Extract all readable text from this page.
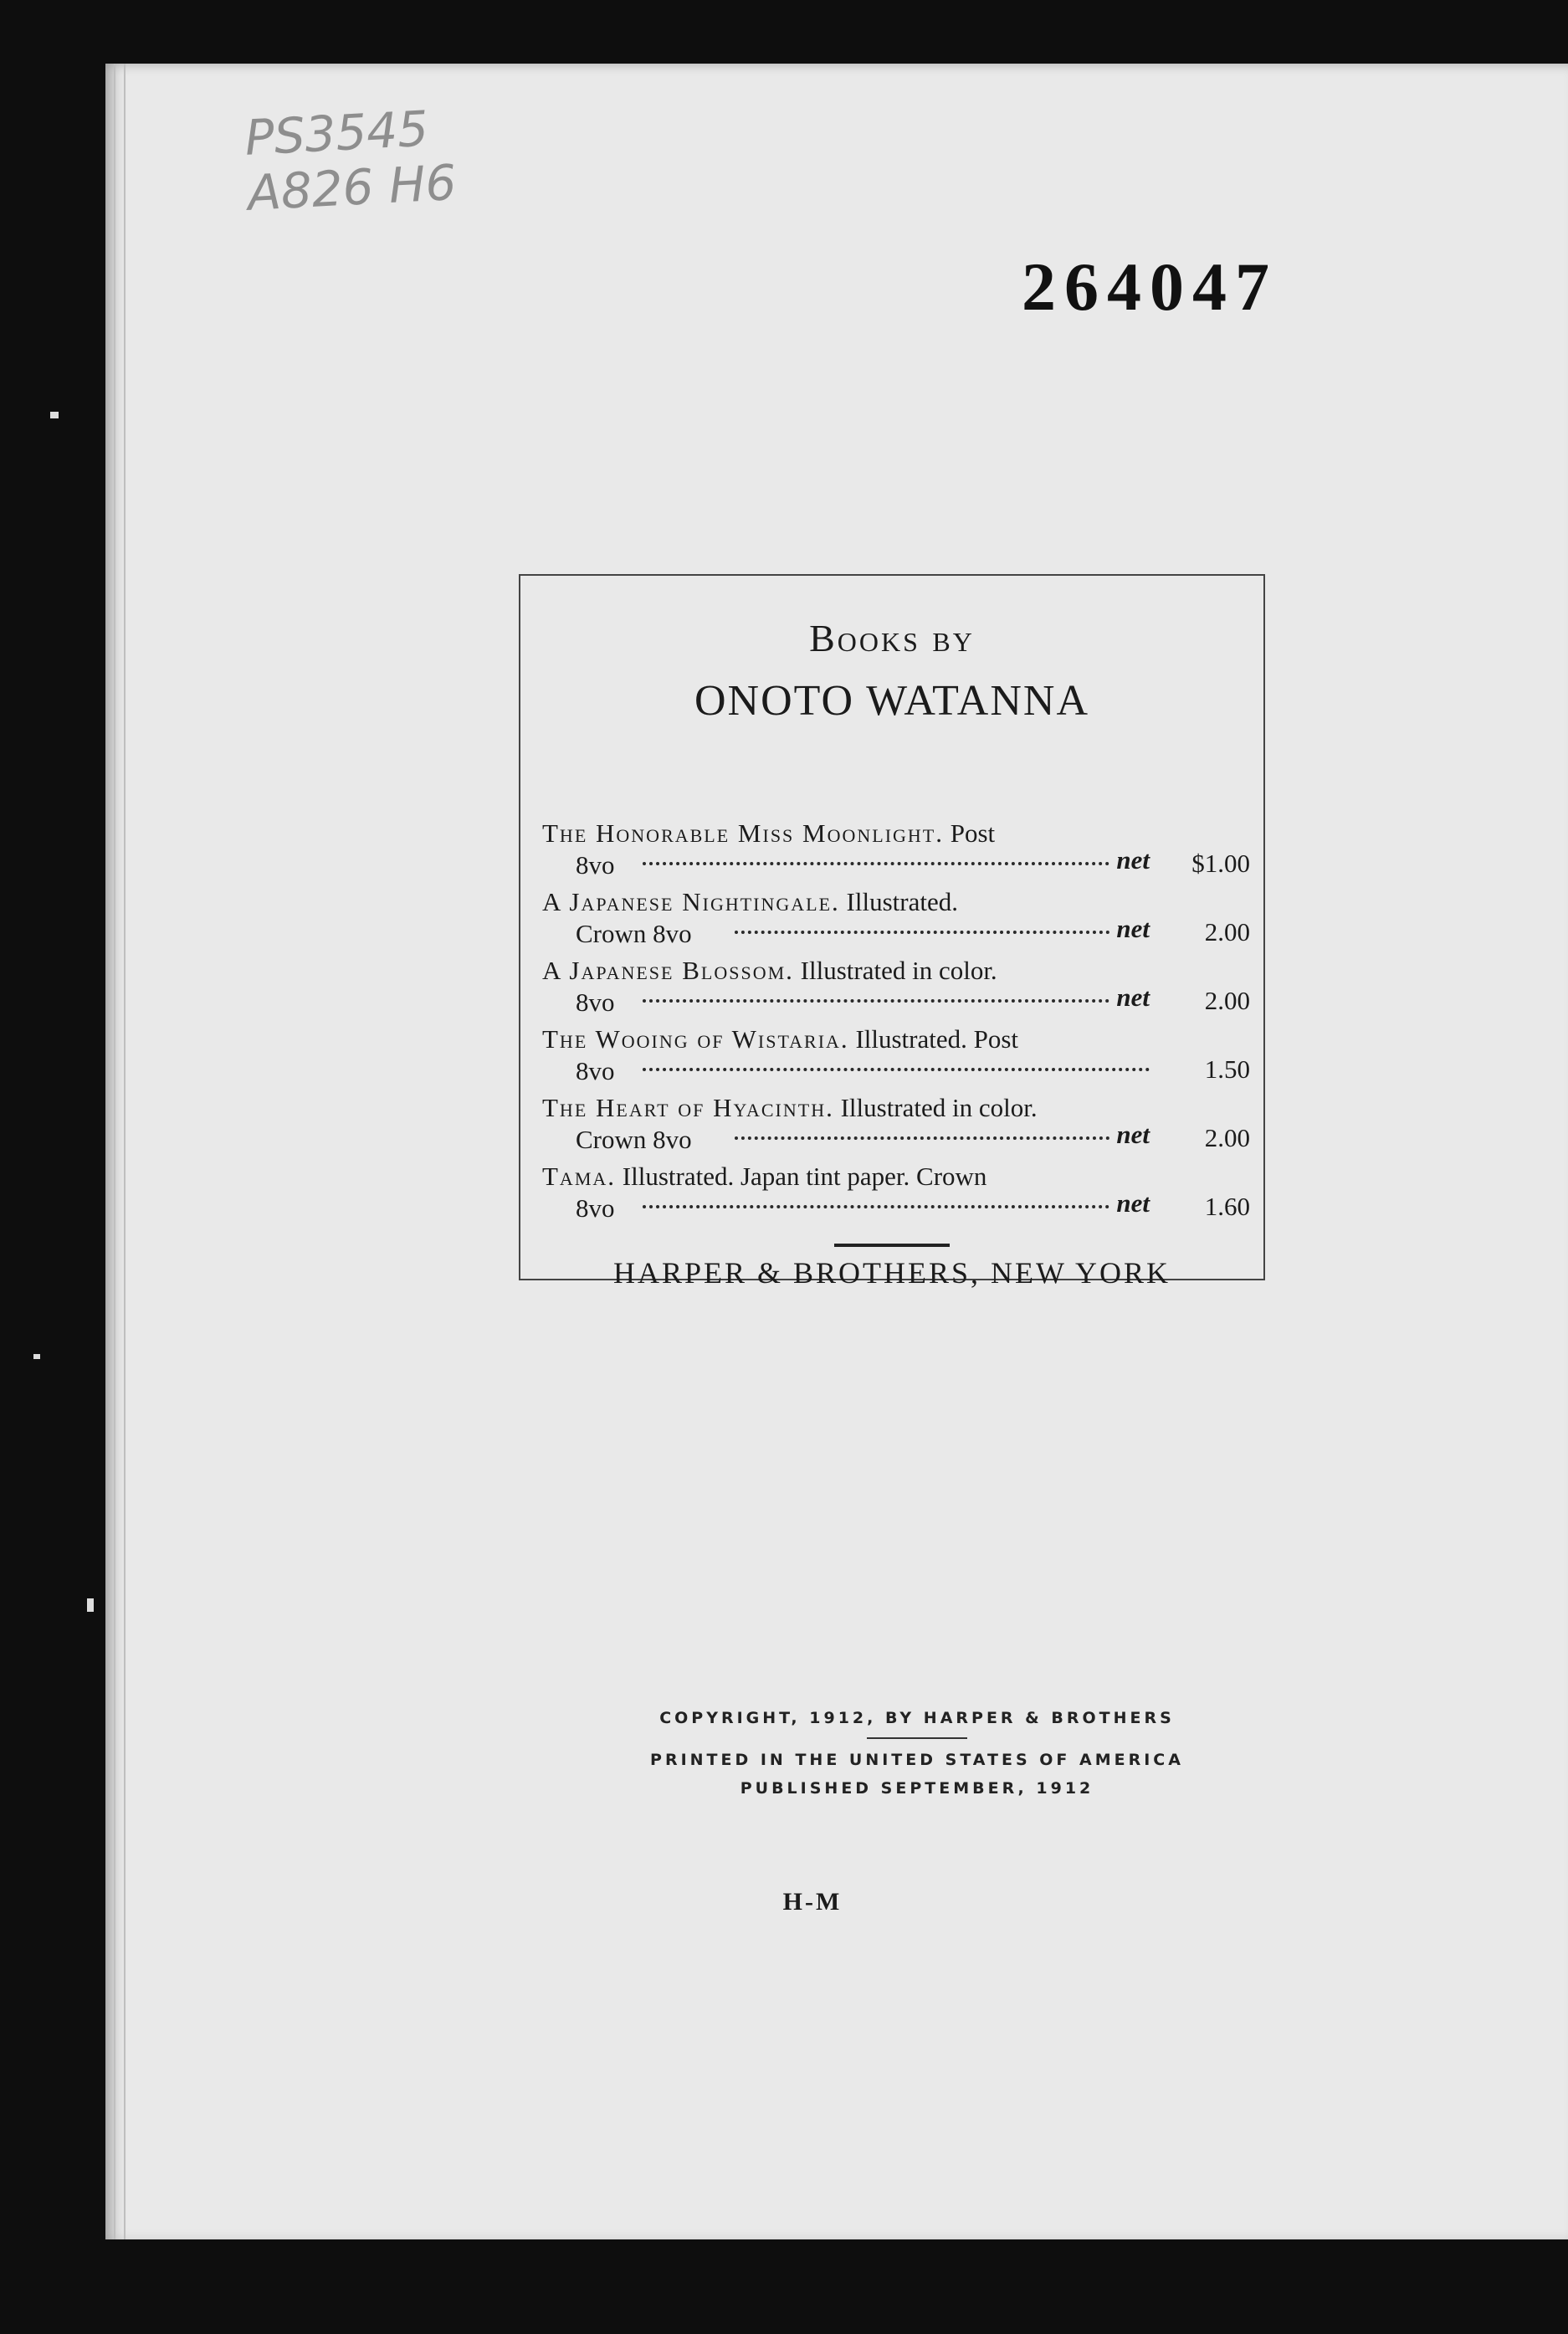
PS3545
A826 H6
264047
Books by
ONOTO WATANNA
The Honorable Miss Moonlight. Post
8vo	net	$1.00
A Japanese Nightingale. Illustrated.
Crown 8vo	net	2.00
A Japanese Blossom. Illustrated in color.
8vo	net	2.00
The Wooing of Wistaria. Illustrated. Post
8vo	1.50
The Heart of Hyacinth. Illustrated in color.
Crown 8vo	net	2.00
Tama. Illustrated. Japan tint paper. Crown
8vo	net	1.60
HARPER & BROTHERS, NEW YORK
COPYRIGHT, 1912, BY HARPER & BROTHERS
PRINTED IN THE UNITED STATES OF AMERICA
PUBLISHED SEPTEMBER, 1912
H-M
